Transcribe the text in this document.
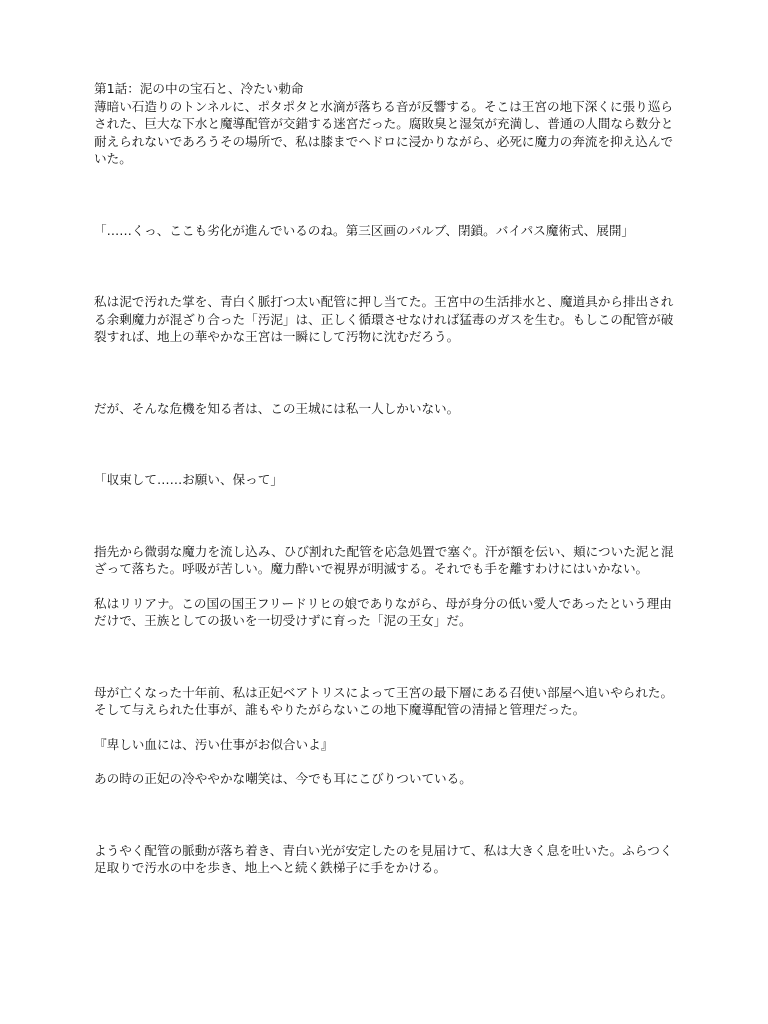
第1話：泥の中の宝石と、冷たい勅命

薄暗い石造りのトンネルに、ポタポタと水滴が落ちる音が反響する。そこは王宮の地下深くに張り巡らされた、巨大な下水と魔導配管が交錯する迷宮だった。腐敗臭と湿気が充満し、普通の人間なら数分と耐えられないであろうその場所で、私は膝までヘドロに浸かりながら、必死に魔力の奔流を抑え込んでいた。

「……くっ、ここも劣化が進んでいるのね。第三区画のバルブ、閉鎖。バイパス魔術式、展開」

私は泥で汚れた掌を、青白く脈打つ太い配管に押し当てた。王宮中の生活排水と、魔道具から排出される余剰魔力が混ざり合った「汚泥」は、正しく循環させなければ猛毒のガスを生む。もしこの配管が破裂すれば、地上の華やかな王宮は一瞬にして汚物に沈むだろう。

だが、そんな危機を知る者は、この王城には私一人しかいない。

「収束して……お願い、保って」

指先から微弱な魔力を流し込み、ひび割れた配管を応急処置で塞ぐ。汗が額を伝い、頬についた泥と混ざって落ちた。呼吸が苦しい。魔力酔いで視界が明滅する。それでも手を離すわけにはいかない。

私はリリアナ。この国の国王フリードリヒの娘でありながら、母が身分の低い愛人であったという理由だけで、王族としての扱いを一切受けずに育った「泥の王女」だ。

母が亡くなった十年前、私は正妃ベアトリスによって王宮の最下層にある召使い部屋へ追いやられた。そして与えられた仕事が、誰もやりたがらないこの地下魔導配管の清掃と管理だった。

『卑しい血には、汚い仕事がお似合いよ』

あの時の正妃の冷ややかな嘲笑は、今でも耳にこびりついている。

ようやく配管の脈動が落ち着き、青白い光が安定したのを見届けて、私は大きく息を吐いた。ふらつく足取りで汚水の中を歩き、地上へと続く鉄梯子に手をかける。
